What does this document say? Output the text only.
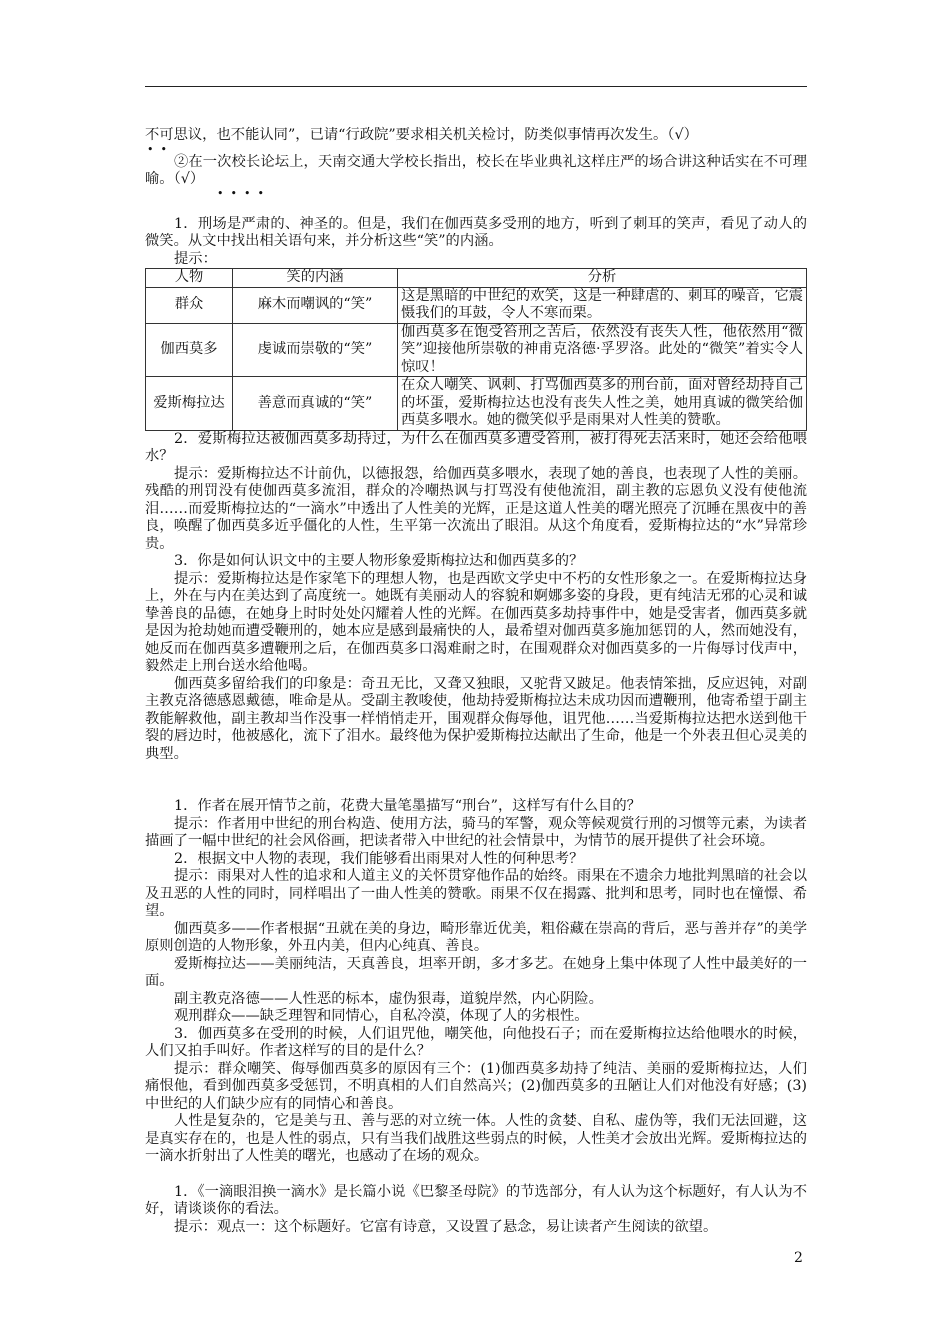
不可思议，也不能认同”，已请“行政院”要求相关机关检讨，防类似事情再次发生。（√）

•  •

②在一次校长论坛上，天南交通大学校长指出，校长在毕业典礼这样庄严的场合讲这种话实在不可理喻。（√）

•  •  •  •

1．刑场是严肃的、神圣的。但是，我们在伽西莫多受刑的地方，听到了刺耳的笑声，看见了动人的微笑。从文中找出相关语句来，并分析这些“笑”的内涵。

提示：

人物	笑的内涵	分析
群众	麻木而嘲讽的“笑”	这是黑暗的中世纪的欢笑，这是一种肆虐的、刺耳的噪音，它震慑我们的耳鼓，令人不寒而栗。
伽西莫多	虔诚而崇敬的“笑”	伽西莫多在饱受笞刑之苦后，依然没有丧失人性，他依然用“微笑”迎接他所崇敬的神甫克洛德·孚罗洛。此处的“微笑”着实令人惊叹！
爱斯梅拉达	善意而真诚的“笑”	在众人嘲笑、讽刺、打骂伽西莫多的刑台前，面对曾经劫持自己的坏蛋，爱斯梅拉达也没有丧失人性之美，她用真诚的微笑给伽西莫多喂水。她的微笑似乎是雨果对人性美的赞歌。

2．爱斯梅拉达被伽西莫多劫持过，为什么在伽西莫多遭受笞刑，被打得死去活来时，她还会给他喂水？

提示：爱斯梅拉达不计前仇，以德报怨，给伽西莫多喂水，表现了她的善良，也表现了人性的美丽。残酷的刑罚没有使伽西莫多流泪，群众的冷嘲热讽与打骂没有使他流泪，副主教的忘恩负义没有使他流泪……而爱斯梅拉达的“一滴水”中透出了人性美的光辉，正是这道人性美的曙光照亮了沉睡在黑夜中的善良，唤醒了伽西莫多近乎僵化的人性，生平第一次流出了眼泪。从这个角度看，爱斯梅拉达的“水”异常珍贵。

3．你是如何认识文中的主要人物形象爱斯梅拉达和伽西莫多的？

提示：爱斯梅拉达是作家笔下的理想人物，也是西欧文学史中不朽的女性形象之一。在爱斯梅拉达身上，外在与内在美达到了高度统一。她既有美丽动人的容貌和婀娜多姿的身段，更有纯洁无邪的心灵和诚挚善良的品德，在她身上时时处处闪耀着人性的光辉。在伽西莫多劫持事件中，她是受害者，伽西莫多就是因为抢劫她而遭受鞭刑的，她本应是感到最痛快的人，最希望对伽西莫多施加惩罚的人，然而她没有，她反而在伽西莫多遭鞭刑之后，在伽西莫多口渴难耐之时，在围观群众对伽西莫多的一片侮辱讨伐声中，毅然走上刑台送水给他喝。

伽西莫多留给我们的印象是：奇丑无比，又聋又独眼，又驼背又跛足。他表情笨拙，反应迟钝，对副主教克洛德感恩戴德，唯命是从。受副主教唆使，他劫持爱斯梅拉达未成功因而遭鞭刑，他寄希望于副主教能解救他，副主教却当作没事一样悄悄走开，围观群众侮辱他，诅咒他……当爱斯梅拉达把水送到他干裂的唇边时，他被感化，流下了泪水。最终他为保护爱斯梅拉达献出了生命，他是一个外表丑但心灵美的典型。

1．作者在展开情节之前，花费大量笔墨描写“刑台”，这样写有什么目的？

提示：作者用中世纪的刑台构造、使用方法，骑马的军警，观众等候观赏行刑的习惯等元素，为读者描画了一幅中世纪的社会风俗画，把读者带入中世纪的社会情景中，为情节的展开提供了社会环境。

2．根据文中人物的表现，我们能够看出雨果对人性的何种思考？

提示：雨果对人性的追求和人道主义的关怀贯穿他作品的始终。雨果在不遗余力地批判黑暗的社会以及丑恶的人性的同时，同样唱出了一曲人性美的赞歌。雨果不仅在揭露、批判和思考，同时也在憧憬、希望。

伽西莫多——作者根据“丑就在美的身边，畸形靠近优美，粗俗藏在崇高的背后，恶与善并存”的美学原则创造的人物形象，外丑内美，但内心纯真、善良。

爱斯梅拉达——美丽纯洁，天真善良，坦率开朗，多才多艺。在她身上集中体现了人性中最美好的一面。

副主教克洛德——人性恶的标本，虚伪狠毒，道貌岸然，内心阴险。

观刑群众——缺乏理智和同情心，自私冷漠，体现了人的劣根性。

3．伽西莫多在受刑的时候，人们诅咒他，嘲笑他，向他投石子；而在爱斯梅拉达给他喂水的时候，人们又拍手叫好。作者这样写的目的是什么？

提示：群众嘲笑、侮辱伽西莫多的原因有三个：(1)伽西莫多劫持了纯洁、美丽的爱斯梅拉达，人们痛恨他，看到伽西莫多受惩罚，不明真相的人们自然高兴；(2)伽西莫多的丑陋让人们对他没有好感；(3)中世纪的人们缺少应有的同情心和善良。

人性是复杂的，它是美与丑、善与恶的对立统一体。人性的贪婪、自私、虚伪等，我们无法回避，这是真实存在的，也是人性的弱点，只有当我们战胜这些弱点的时候，人性美才会放出光辉。爱斯梅拉达的一滴水折射出了人性美的曙光，也感动了在场的观众。

1．《一滴眼泪换一滴水》是长篇小说《巴黎圣母院》的节选部分，有人认为这个标题好，有人认为不好，请谈谈你的看法。

提示：观点一：这个标题好。它富有诗意，又设置了悬念，易让读者产生阅读的欲望。

2
